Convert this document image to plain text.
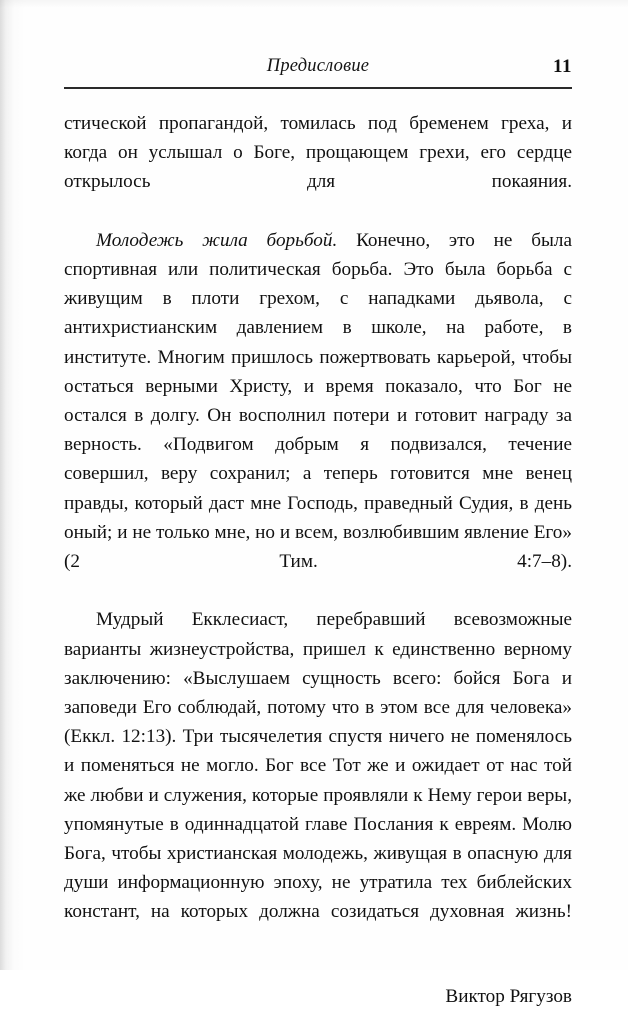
Предисловие	11

стической пропагандой, томилась под бременем греха, и когда он услышал о Боге, прощающем грехи, его сердце открылось для покаяния.

Молодежь жила борьбой. Конечно, это не была спортивная или политическая борьба. Это была борьба с живущим в плоти грехом, с нападками дьявола, с антихристианским давлением в школе, на работе, в институте. Многим пришлось пожертвовать карьерой, чтобы остаться верными Христу, и время показало, что Бог не остался в долгу. Он восполнил потери и готовит награду за верность. «Подвигом добрым я подвизался, течение совершил, веру сохранил; а теперь готовится мне венец правды, который даст мне Господь, праведный Судия, в день оный; и не только мне, но и всем, возлюбившим явление Его» (2 Тим. 4:7–8).

Мудрый Екклесиаст, перебравший всевозможные варианты жизнеустройства, пришел к единственно верному заключению: «Выслушаем сущность всего: бойся Бога и заповеди Его соблюдай, потому что в этом все для человека» (Еккл. 12:13). Три тысячелетия спустя ничего не поменялось и поменяться не могло. Бог все Тот же и ожидает от нас той же любви и служения, которые проявляли к Нему герои веры, упомянутые в одиннадцатой главе Послания к евреям. Молю Бога, чтобы христианская молодежь, живущая в опасную для души информационную эпоху, не утратила тех библейских констант, на которых должна созидаться духовная жизнь!

Виктор Рягузов
